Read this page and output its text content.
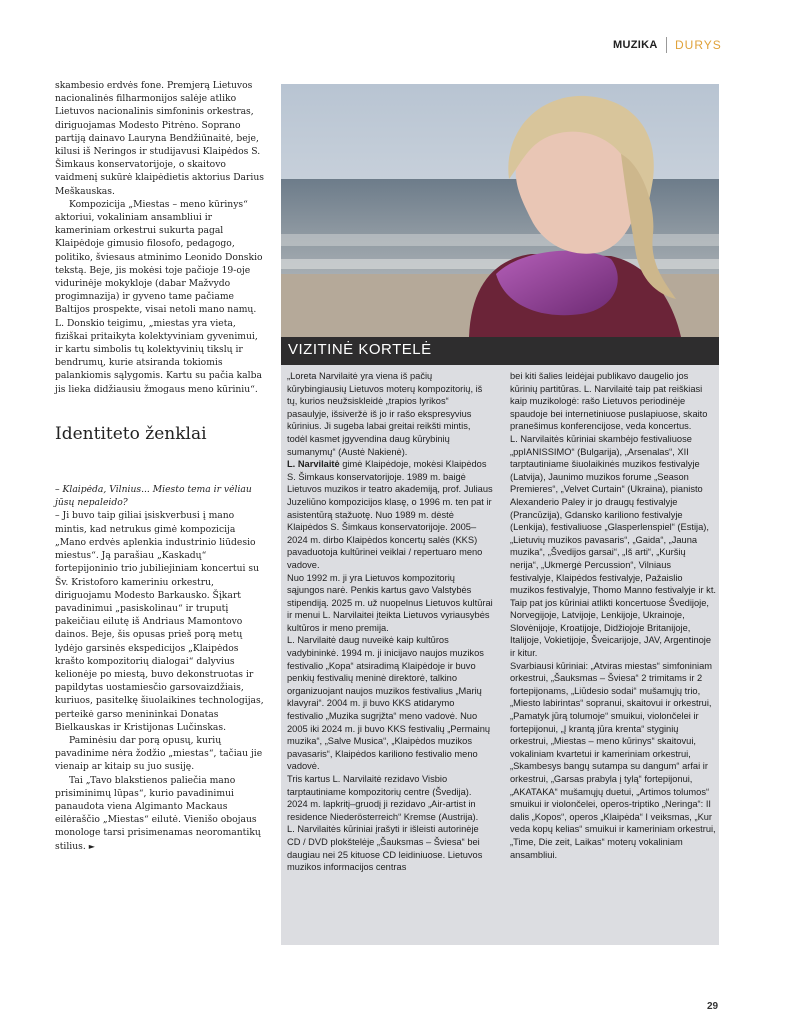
MUZIKA DURYS

skambesio erdvės fone. Premjerą Lietuvos nacionalinės filharmonijos salėje atliko Lietuvos nacionalinis simfoninis orkestras, diriguojamas Modesto Pitrėno. Soprano partiją dainavo Lauryna Bendžiūnaitė, beje, kilusi iš Neringos ir studijavusi Klaipėdos S. Šimkaus konservatorijoje, o skaitovo vaidmenį sukūrė klaipėdietis aktorius Darius Meškauskas.

Kompozicija „Miestas – meno kūrinys“ aktoriui, vokaliniam ansambliui ir kameriniam orkestrui sukurta pagal Klaipėdoje gimusio filosofo, pedagogo, politiko, šviesaus atminimo Leonido Donskio tekstą. Beje, jis mokėsi toje pačioje 19-oje vidurinėje mokykloje (dabar Mažvydo progimnazija) ir gyveno tame pačiame Baltijos prospekte, visai netoli mano namų. L. Donskio teigimu, „miestas yra vieta, fiziškai pritaikyta kolektyviniam gyvenimui, ir kartu simbolis tų kolektyvinių tikslų ir bendrumų, kurie atsiranda tokiomis palankiomis sąlygomis. Kartu su pačia kalba jis lieka didžiausiu žmogaus meno kūriniu“.

Identiteto ženklai

– Klaipėda, Vilnius... Miesto tema ir vėliau jūsų nepaleido?

– Ji buvo taip giliai įsiskverbusi į mano mintis, kad netrukus gimė kompozicija „Mano erdvės aplenkia industrinio liūdesio miestus“. Ją parašiau „Kaskadų“ fortepijoninio trio jubiliejiniam koncertui su Šv. Kristoforo kameriniu orkestru, diriguojamu Modesto Barkausko. Šįkart pavadinimui „pasiskolinau“ ir truputį pakeičiau eilutę iš Andriaus Mamontovo dainos. Beje, šis opusas prieš porą metų lydėjo garsinės ekspedicijos „Klaipėdos krašto kompozitorių dialogai“ dalyvius kelionėje po miestą, buvo dekonstruotas ir papildytas uostamiesčio garsovaizdžiais, kuriuos, pasitelkę šiuolaikines technologijas, perteikė garso menininkai Donatas Bielkauskas ir Kristijonas Lučinskas.

Paminėsiu dar porą opusų, kurių pavadinime nėra žodžio „miestas“, tačiau jie vienaip ar kitaip su juo susiję.

Tai „Tavo blakstienos paliečia mano prisiminimų lūpas“, kurio pavadinimui panaudota viena Algimanto Mackaus eilėraščio „Miestas“ eilutė. Vienišo obojaus monologe tarsi prisimenamas neoromantikų stilius. ►

VIZITINĖ KORTELĖ

„Loreta Narvilaitė yra viena iš pačių kūrybingiausių Lietuvos moterų kompozitorių, iš tų, kurios neužsiskleidė „trapios lyrikos“ pasaulyje, išsiveržė iš jo ir rašo ekspresyvius kūrinius. Ji sugeba labai greitai reikšti mintis, todėl kasmet įgyvendina daug kūrybinių sumanymų“ (Austė Nakienė).

L. Narvilaitė gimė Klaipėdoje, mokėsi Klaipėdos S. Šimkaus konservatorijoje. 1989 m. baigė Lietuvos muzikos ir teatro akademiją, prof. Juliaus Juzeliūno kompozicijos klasę, o 1996 m. ten pat ir asistentūrą stažuotę. Nuo 1989 m. dėstė Klaipėdos S. Šimkaus konservatorijoje. 2005–2024 m. dirbo Klaipėdos koncertų salės (KKS) pavaduotoja kultūrinei veiklai / repertuaro meno vadove.

Nuo 1992 m. ji yra Lietuvos kompozitorių sąjungos narė. Penkis kartus gavo Valstybės stipendiją. 2025 m. už nuopelnus Lietuvos kultūrai ir menui L. Narvilaitei įteikta Lietuvos vyriausybės kultūros ir meno premija.

L. Narvilaitė daug nuveikė kaip kultūros vadybininkė. 1994 m. ji inicijavo naujos muzikos festivalio „Kopa“ atsiradimą Klaipėdoje ir buvo penkių festivalių meninė direktorė, talkino organizuojant naujos muzikos festivalius „Marių klavyrai“. 2004 m. ji buvo KKS atidarymo festivalio „Muzika sugrįžta“ meno vadovė. Nuo 2005 iki 2024 m. ji buvo KKS festivalių „Permainų muzika“, „Salve Musica“, „Klaipėdos muzikos pavasaris“, Klaipėdos kariliono festivalio meno vadovė.

Tris kartus L. Narvilaitė rezidavo Visbio tarptautiniame kompozitorių centre (Švedija). 2024 m. lapkritį–gruodį ji rezidavo „Air-artist in residence Niederösterreich“ Kremse (Austrija).

L. Narvilaitės kūriniai įrašyti ir išleisti autorinėje CD / DVD plokštelėje „Šauksmas – Šviesa“ bei daugiau nei 25 kituose CD leidiniuose. Lietuvos muzikos informacijos centras

bei kiti šalies leidėjai publikavo daugelio jos kūrinių partitūras. L. Narvilaitė taip pat reiškiasi kaip muzikologė: rašo Lietuvos periodinėje spaudoje bei internetiniuose puslapiuose, skaito pranešimus konferencijose, veda koncertus.

L. Narvilaitės kūriniai skambėjo festivaliuose „ppIANISSIMO“ (Bulgarija), „Arsenalas“, XII tarptautiniame šiuolaikinės muzikos festivalyje (Latvija), Jaunimo muzikos forume „Season Premieres“, „Velvet Curtain“ (Ukraina), pianisto Alexanderio Paley ir jo draugų festivalyje (Prancūzija), Gdansko kariliono festivalyje (Lenkija), festivaliuose „Glasperlenspiel“ (Estija), „Lietuvių muzikos pavasaris“, „Gaida“, „Jauna muzika“, „Švedijos garsai“, „Iš arti“, „Kuršių nerija“, „Ukmergė Percussion“, Vilniaus festivalyje, Klaipėdos festivalyje, Pažaislio muzikos festivalyje, Thomo Manno festivalyje ir kt. Taip pat jos kūriniai atlikti koncertuose Švedijoje, Norvegijoje, Latvijoje, Lenkijoje, Ukrainoje, Slovėnijoje, Kroatijoje, Didžiojoje Britanijoje, Italijoje, Vokietijoje, Šveicarijoje, JAV, Argentinoje ir kitur.

Svarbiausi kūriniai: „Atviras miestas“ simfoniniam orkestrui, „Šauksmas – Šviesa“ 2 trimitams ir 2 fortepijonams, „Liūdesio sodai“ mušamųjų trio, „Miesto labirintas“ sopranui, skaitovui ir orkestrui, „Pamatyk jūrą tolumoje“ smuikui, violončelei ir fortepijonui, „Į krantą jūra krenta“ styginių orkestrui, „Miestas – meno kūrinys“ skaitovui, vokaliniam kvartetui ir kameriniam orkestrui, „Skambesys bangų sutampa su dangum“ arfai ir orkestrui, „Garsas prabyla į tylą“ fortepijonui, „AKATAKA“ mušamųjų duetui, „Artimos tolumos“ smuikui ir violončelei, operos-triptiko „Neringa“: II dalis „Kopos“, operos „Klaipėda“ I veiksmas, „Kur veda kopų kelias“ smuikui ir kameriniam orkestrui, „Time, Die zeit, Laikas“ moterų vokaliniam ansambliui.

29
